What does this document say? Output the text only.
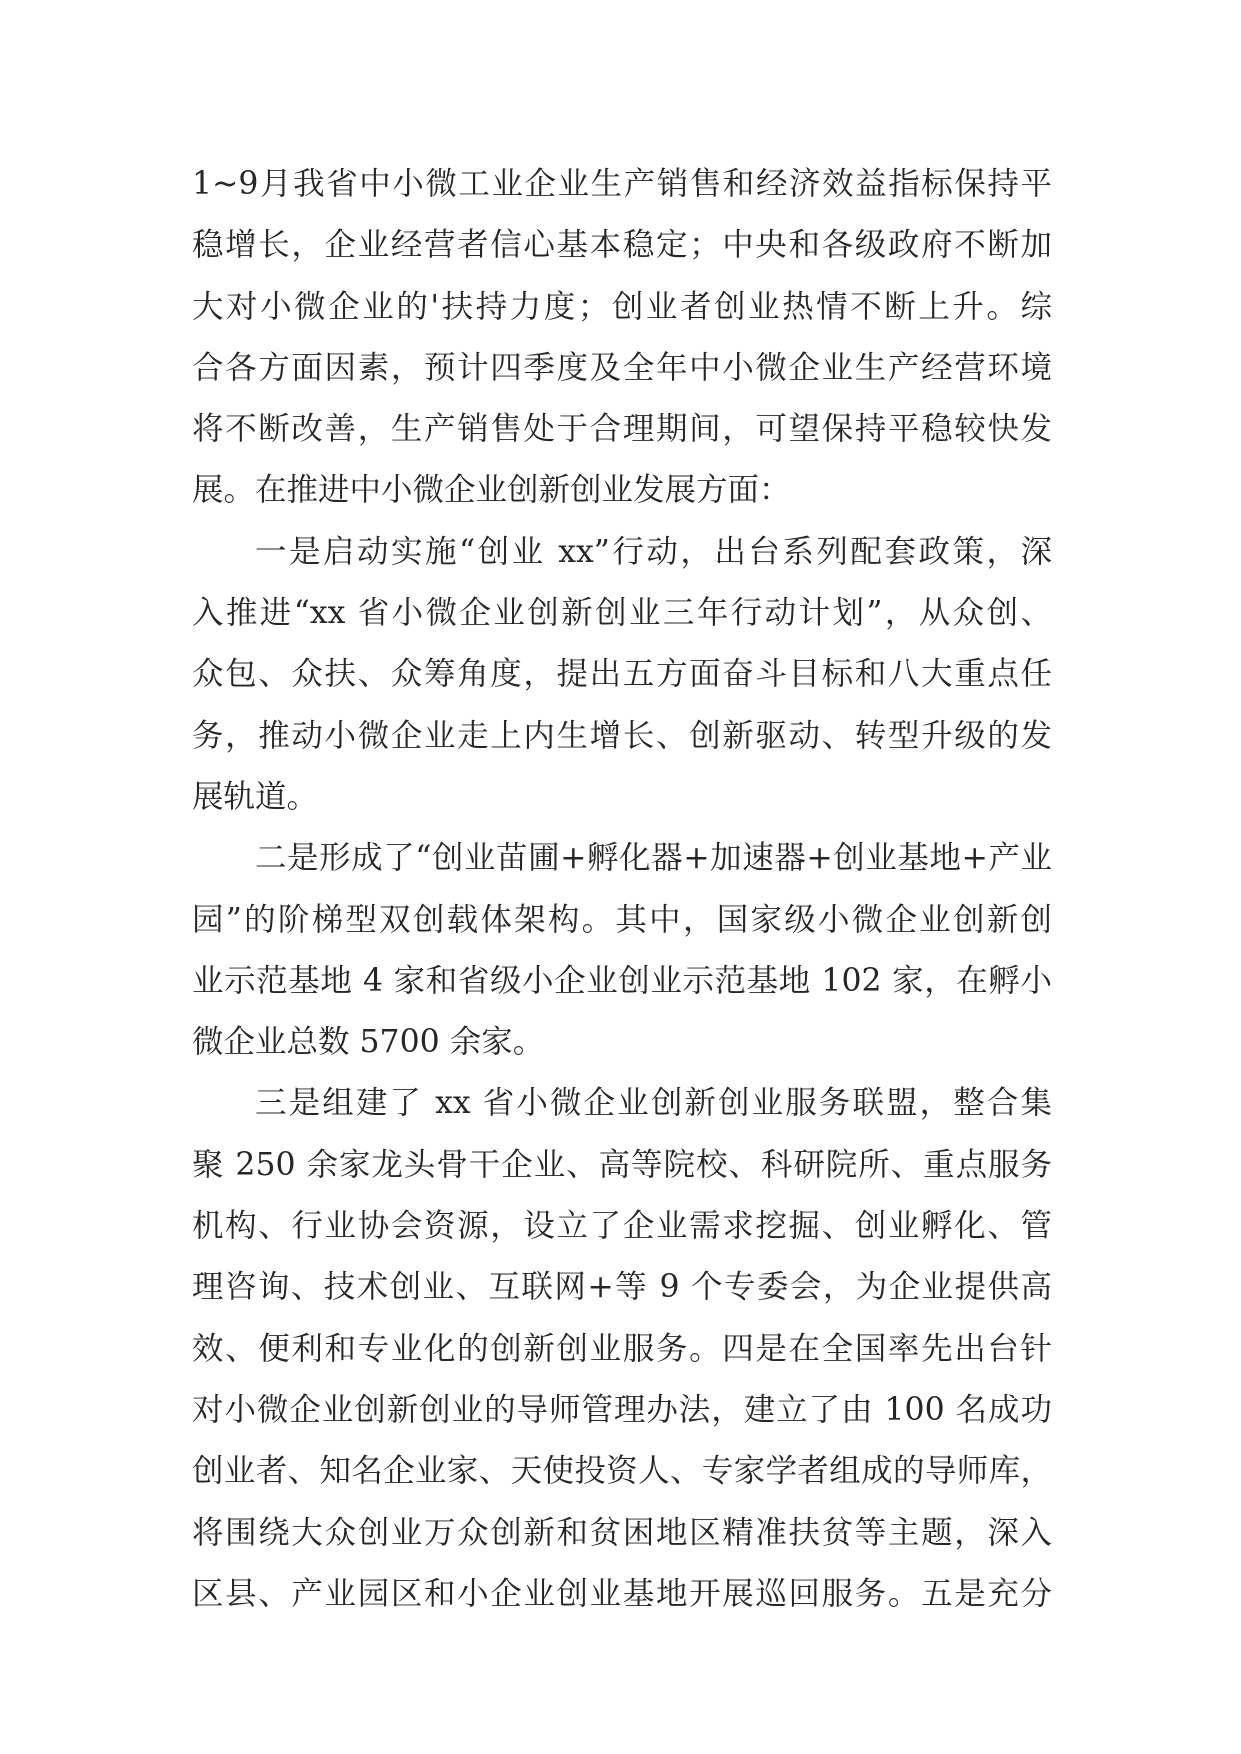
1~9月我省中小微工业企业生产销售和经济效益指标保持平
稳增长，企业经营者信心基本稳定；中央和各级政府不断加
大对小微企业的'扶持力度；创业者创业热情不断上升。综
合各方面因素，预计四季度及全年中小微企业生产经营环境
将不断改善，生产销售处于合理期间，可望保持平稳较快发
展。在推进中小微企业创新创业发展方面：
一是启动实施“创业 xx”行动，出台系列配套政策，深
入推进“xx 省小微企业创新创业三年行动计划”，从众创、
众包、众扶、众筹角度，提出五方面奋斗目标和八大重点任
务，推动小微企业走上内生增长、创新驱动、转型升级的发
展轨道。
二是形成了“创业苗圃+孵化器+加速器+创业基地+产业
园”的阶梯型双创载体架构。其中，国家级小微企业创新创
业示范基地 4 家和省级小企业创业示范基地 102 家，在孵小
微企业总数 5700 余家。
三是组建了 xx 省小微企业创新创业服务联盟，整合集
聚 250 余家龙头骨干企业、高等院校、科研院所、重点服务
机构、行业协会资源，设立了企业需求挖掘、创业孵化、管
理咨询、技术创业、互联网+等 9 个专委会，为企业提供高
效、便利和专业化的创新创业服务。四是在全国率先出台针
对小微企业创新创业的导师管理办法，建立了由 100 名成功
创业者、知名企业家、天使投资人、专家学者组成的导师库，
将围绕大众创业万众创新和贫困地区精准扶贫等主题，深入
区县、产业园区和小企业创业基地开展巡回服务。五是充分
